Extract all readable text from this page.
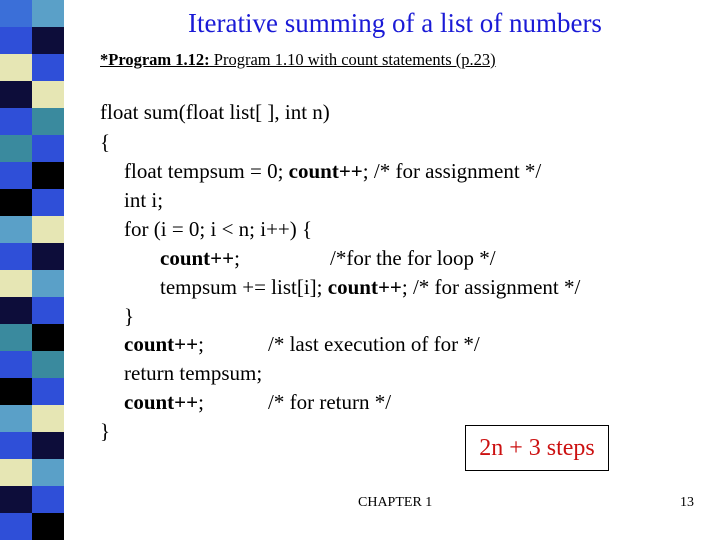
Iterative summing of a list of numbers
*Program 1.12: Program 1.10 with count statements (p.23)
float sum(float list[ ], int n)
{
float tempsum = 0; count++; /* for assignment */
int i;
for (i = 0; i < n; i++) {
count++;	/*for the for loop */
tempsum += list[i]; count++; /* for assignment */
}
count++;	/* last execution of for */
return tempsum;
count++;	/* for return */
}
2n + 3 steps
CHAPTER 1	13
